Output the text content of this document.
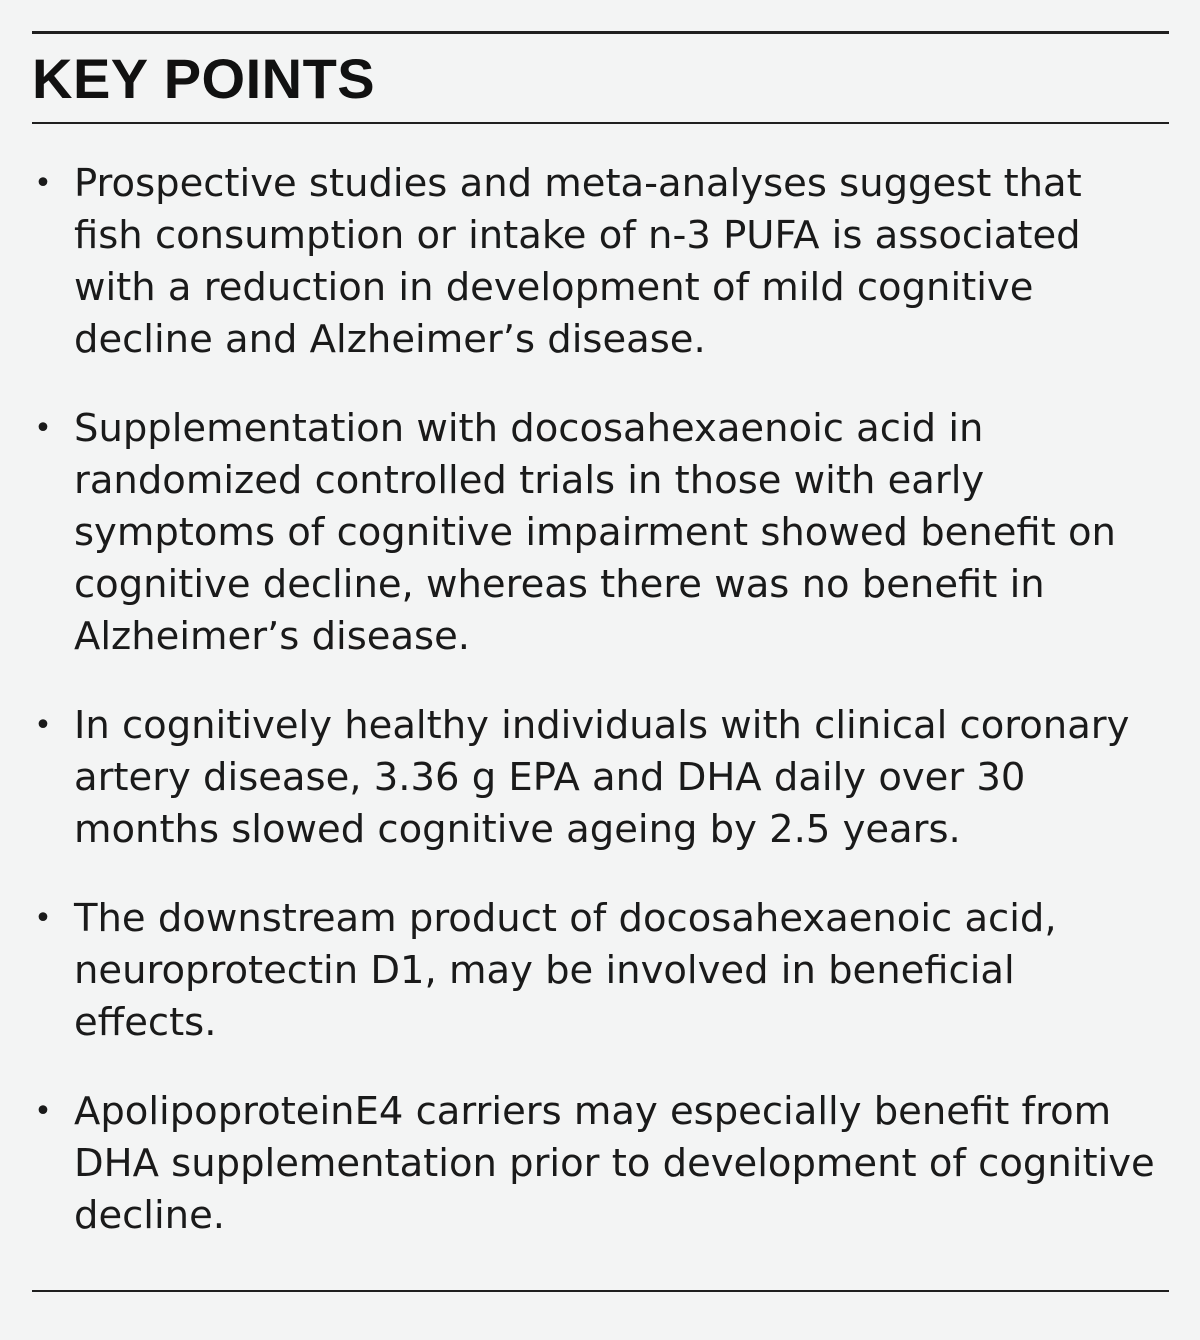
KEY POINTS
• Prospective studies and meta-analyses suggest that fish consumption or intake of n-3 PUFA is associated with a reduction in development of mild cognitive decline and Alzheimer’s disease.
• Supplementation with docosahexaenoic acid in randomized controlled trials in those with early symptoms of cognitive impairment showed benefit on cognitive decline, whereas there was no benefit in Alzheimer’s disease.
• In cognitively healthy individuals with clinical coronary artery disease, 3.36 g EPA and DHA daily over 30 months slowed cognitive ageing by 2.5 years.
• The downstream product of docosahexaenoic acid, neuroprotectin D1, may be involved in beneficial effects.
• ApolipoproteinE4 carriers may especially benefit from DHA supplementation prior to development of cognitive decline.
